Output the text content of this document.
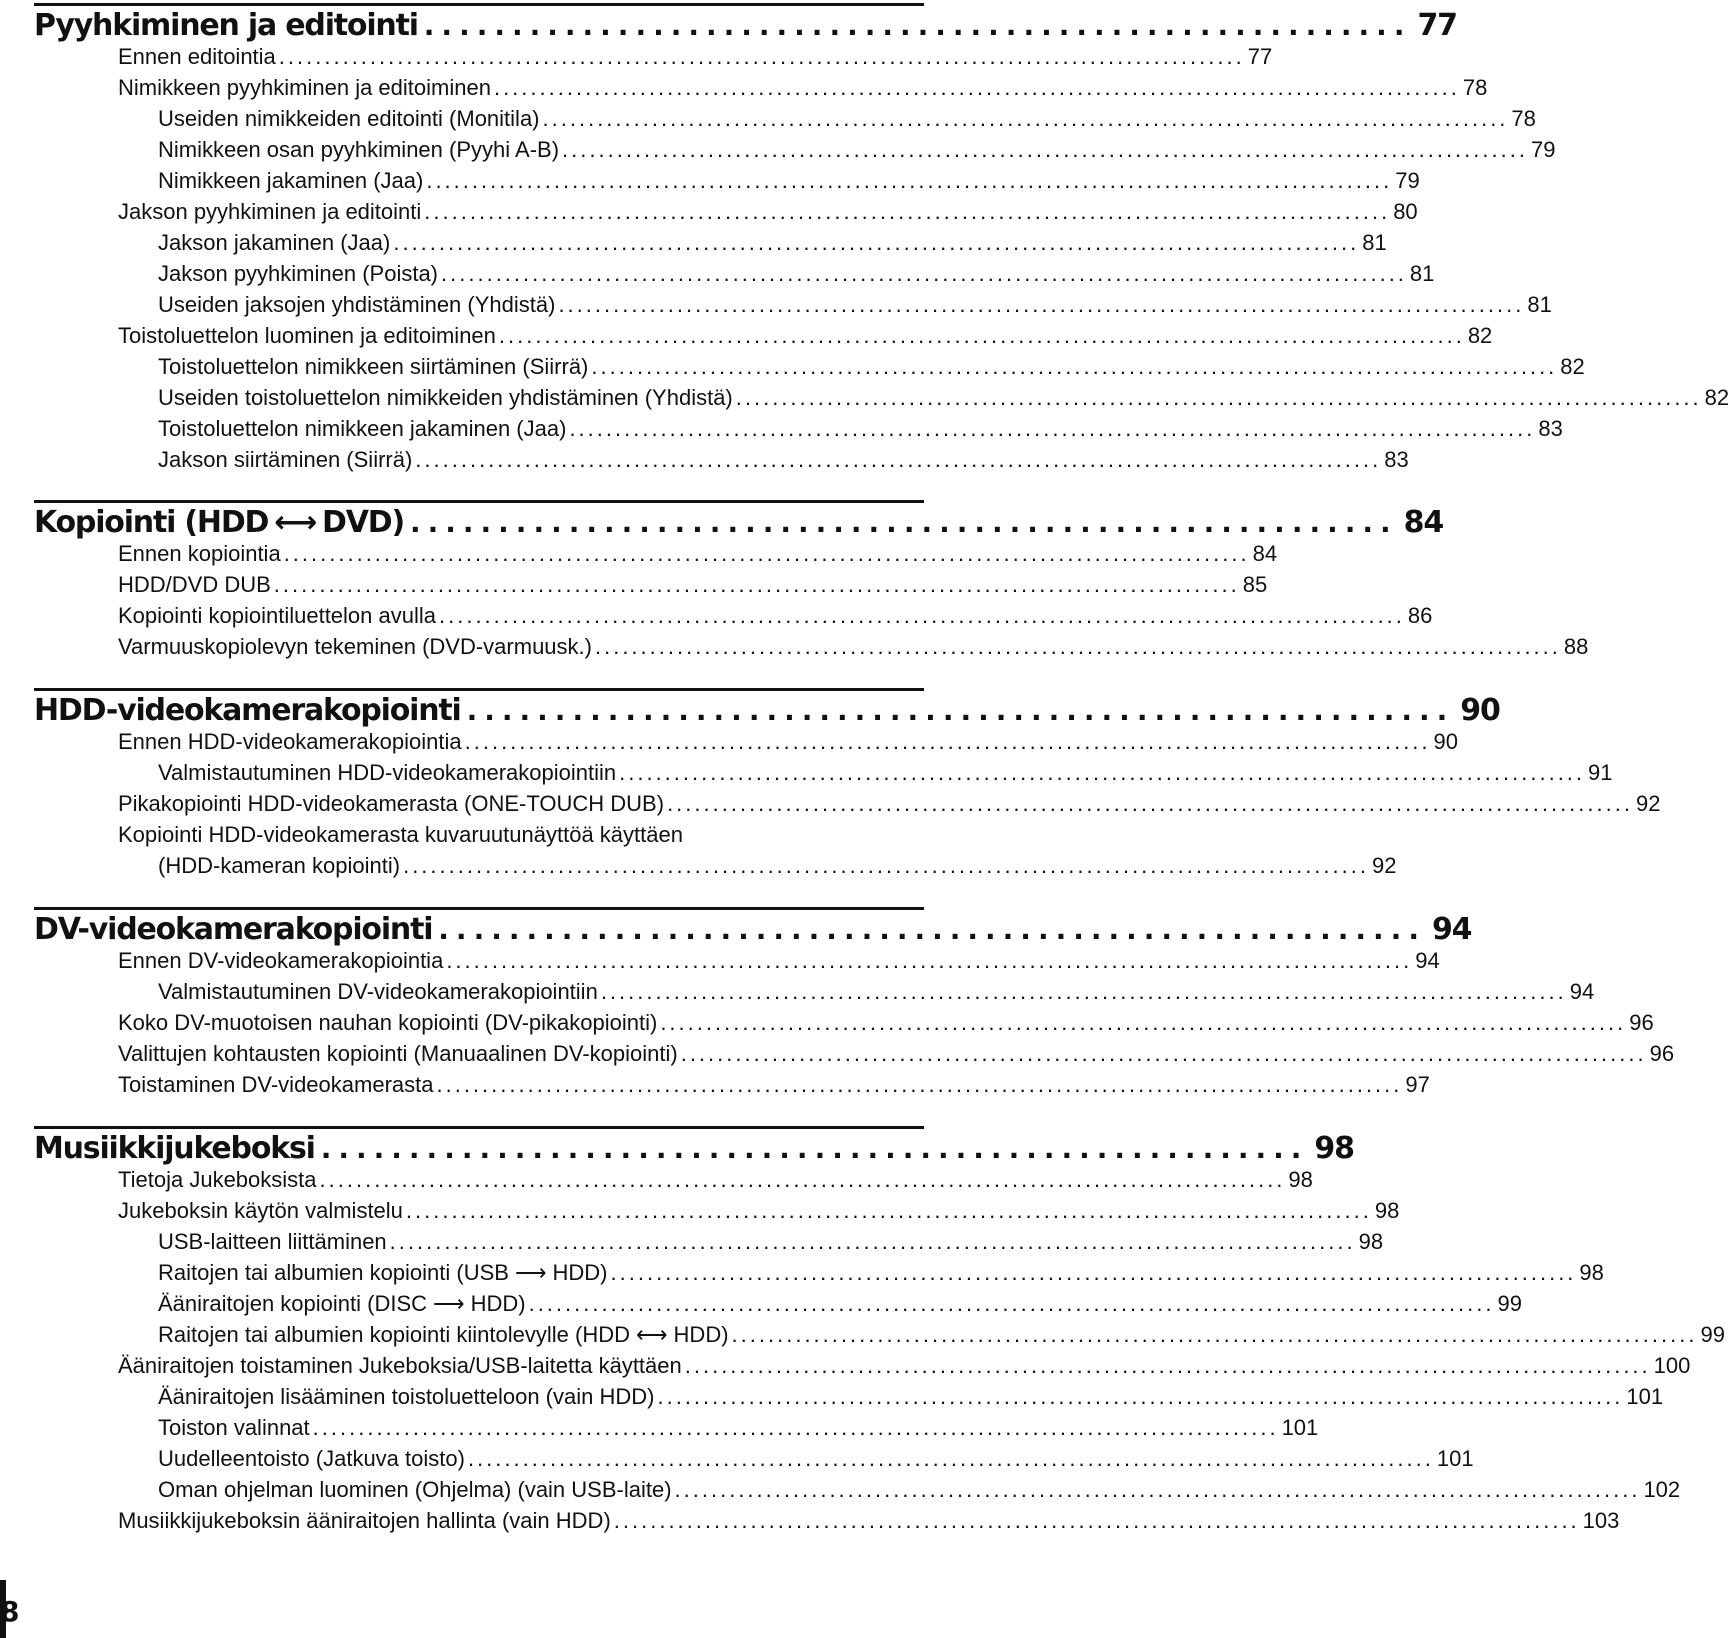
Pyyhkiminen ja editointi ........................................................ 77
Ennen editointia .......................................................................................................... 77
Nimikkeen pyyhkiminen ja editoiminen .......................................................................................................... 78
Useiden nimikkeiden editointi (Monitila) .......................................................................................................... 78
Nimikkeen osan pyyhkiminen (Pyyhi A-B) .......................................................................................................... 79
Nimikkeen jakaminen (Jaa) .......................................................................................................... 79
Jakson pyyhkiminen ja editointi .......................................................................................................... 80
Jakson jakaminen (Jaa) .......................................................................................................... 81
Jakson pyyhkiminen (Poista) .......................................................................................................... 81
Useiden jaksojen yhdistäminen (Yhdistä) .......................................................................................................... 81
Toistoluettelon luominen ja editoiminen .......................................................................................................... 82
Toistoluettelon nimikkeen siirtäminen (Siirrä) .......................................................................................................... 82
Useiden toistoluettelon nimikkeiden yhdistäminen (Yhdistä) .......................................................................................................... 82
Toistoluettelon nimikkeen jakaminen (Jaa) .......................................................................................................... 83
Jakson siirtäminen (Siirrä) .......................................................................................................... 83
Kopiointi (HDD ⟷ DVD) ........................................................ 84
Ennen kopiointia .......................................................................................................... 84
HDD/DVD DUB .......................................................................................................... 85
Kopiointi kopiointiluettelon avulla .......................................................................................................... 86
Varmuuskopiolevyn tekeminen (DVD-varmuusk.) .......................................................................................................... 88
HDD-videokamerakopiointi ........................................................ 90
Ennen HDD-videokamerakopiointia .......................................................................................................... 90
Valmistautuminen HDD-videokamerakopiointiin .......................................................................................................... 91
Pikakopiointi HDD-videokamerasta (ONE-TOUCH DUB) .......................................................................................................... 92
Kopiointi HDD-videokamerasta kuvaruutunäyttöä käyttäen
(HDD-kameran kopiointi) .......................................................................................................... 92
DV-videokamerakopiointi ........................................................ 94
Ennen DV-videokamerakopiointia .......................................................................................................... 94
Valmistautuminen DV-videokamerakopiointiin .......................................................................................................... 94
Koko DV-muotoisen nauhan kopiointi (DV-pikakopiointi) .......................................................................................................... 96
Valittujen kohtausten kopiointi (Manuaalinen DV-kopiointi) .......................................................................................................... 96
Toistaminen DV-videokamerasta .......................................................................................................... 97
Musiikkijukeboksi ........................................................ 98
Tietoja Jukeboksista .......................................................................................................... 98
Jukeboksin käytön valmistelu .......................................................................................................... 98
USB-laitteen liittäminen .......................................................................................................... 98
Raitojen tai albumien kopiointi (USB ⟶ HDD) .......................................................................................................... 98
Ääniraitojen kopiointi (DISC ⟶ HDD) .......................................................................................................... 99
Raitojen tai albumien kopiointi kiintolevylle (HDD ⟷ HDD) .......................................................................................................... 99
Ääniraitojen toistaminen Jukeboksia/USB-laitetta käyttäen .......................................................................................................... 100
Ääniraitojen lisääminen toistoluetteloon (vain HDD) .......................................................................................................... 101
Toiston valinnat .......................................................................................................... 101
Uudelleentoisto (Jatkuva toisto) .......................................................................................................... 101
Oman ohjelman luominen (Ohjelma) (vain USB-laite) .......................................................................................................... 102
Musiikkijukeboksin ääniraitojen hallinta (vain HDD) .......................................................................................................... 103
8
